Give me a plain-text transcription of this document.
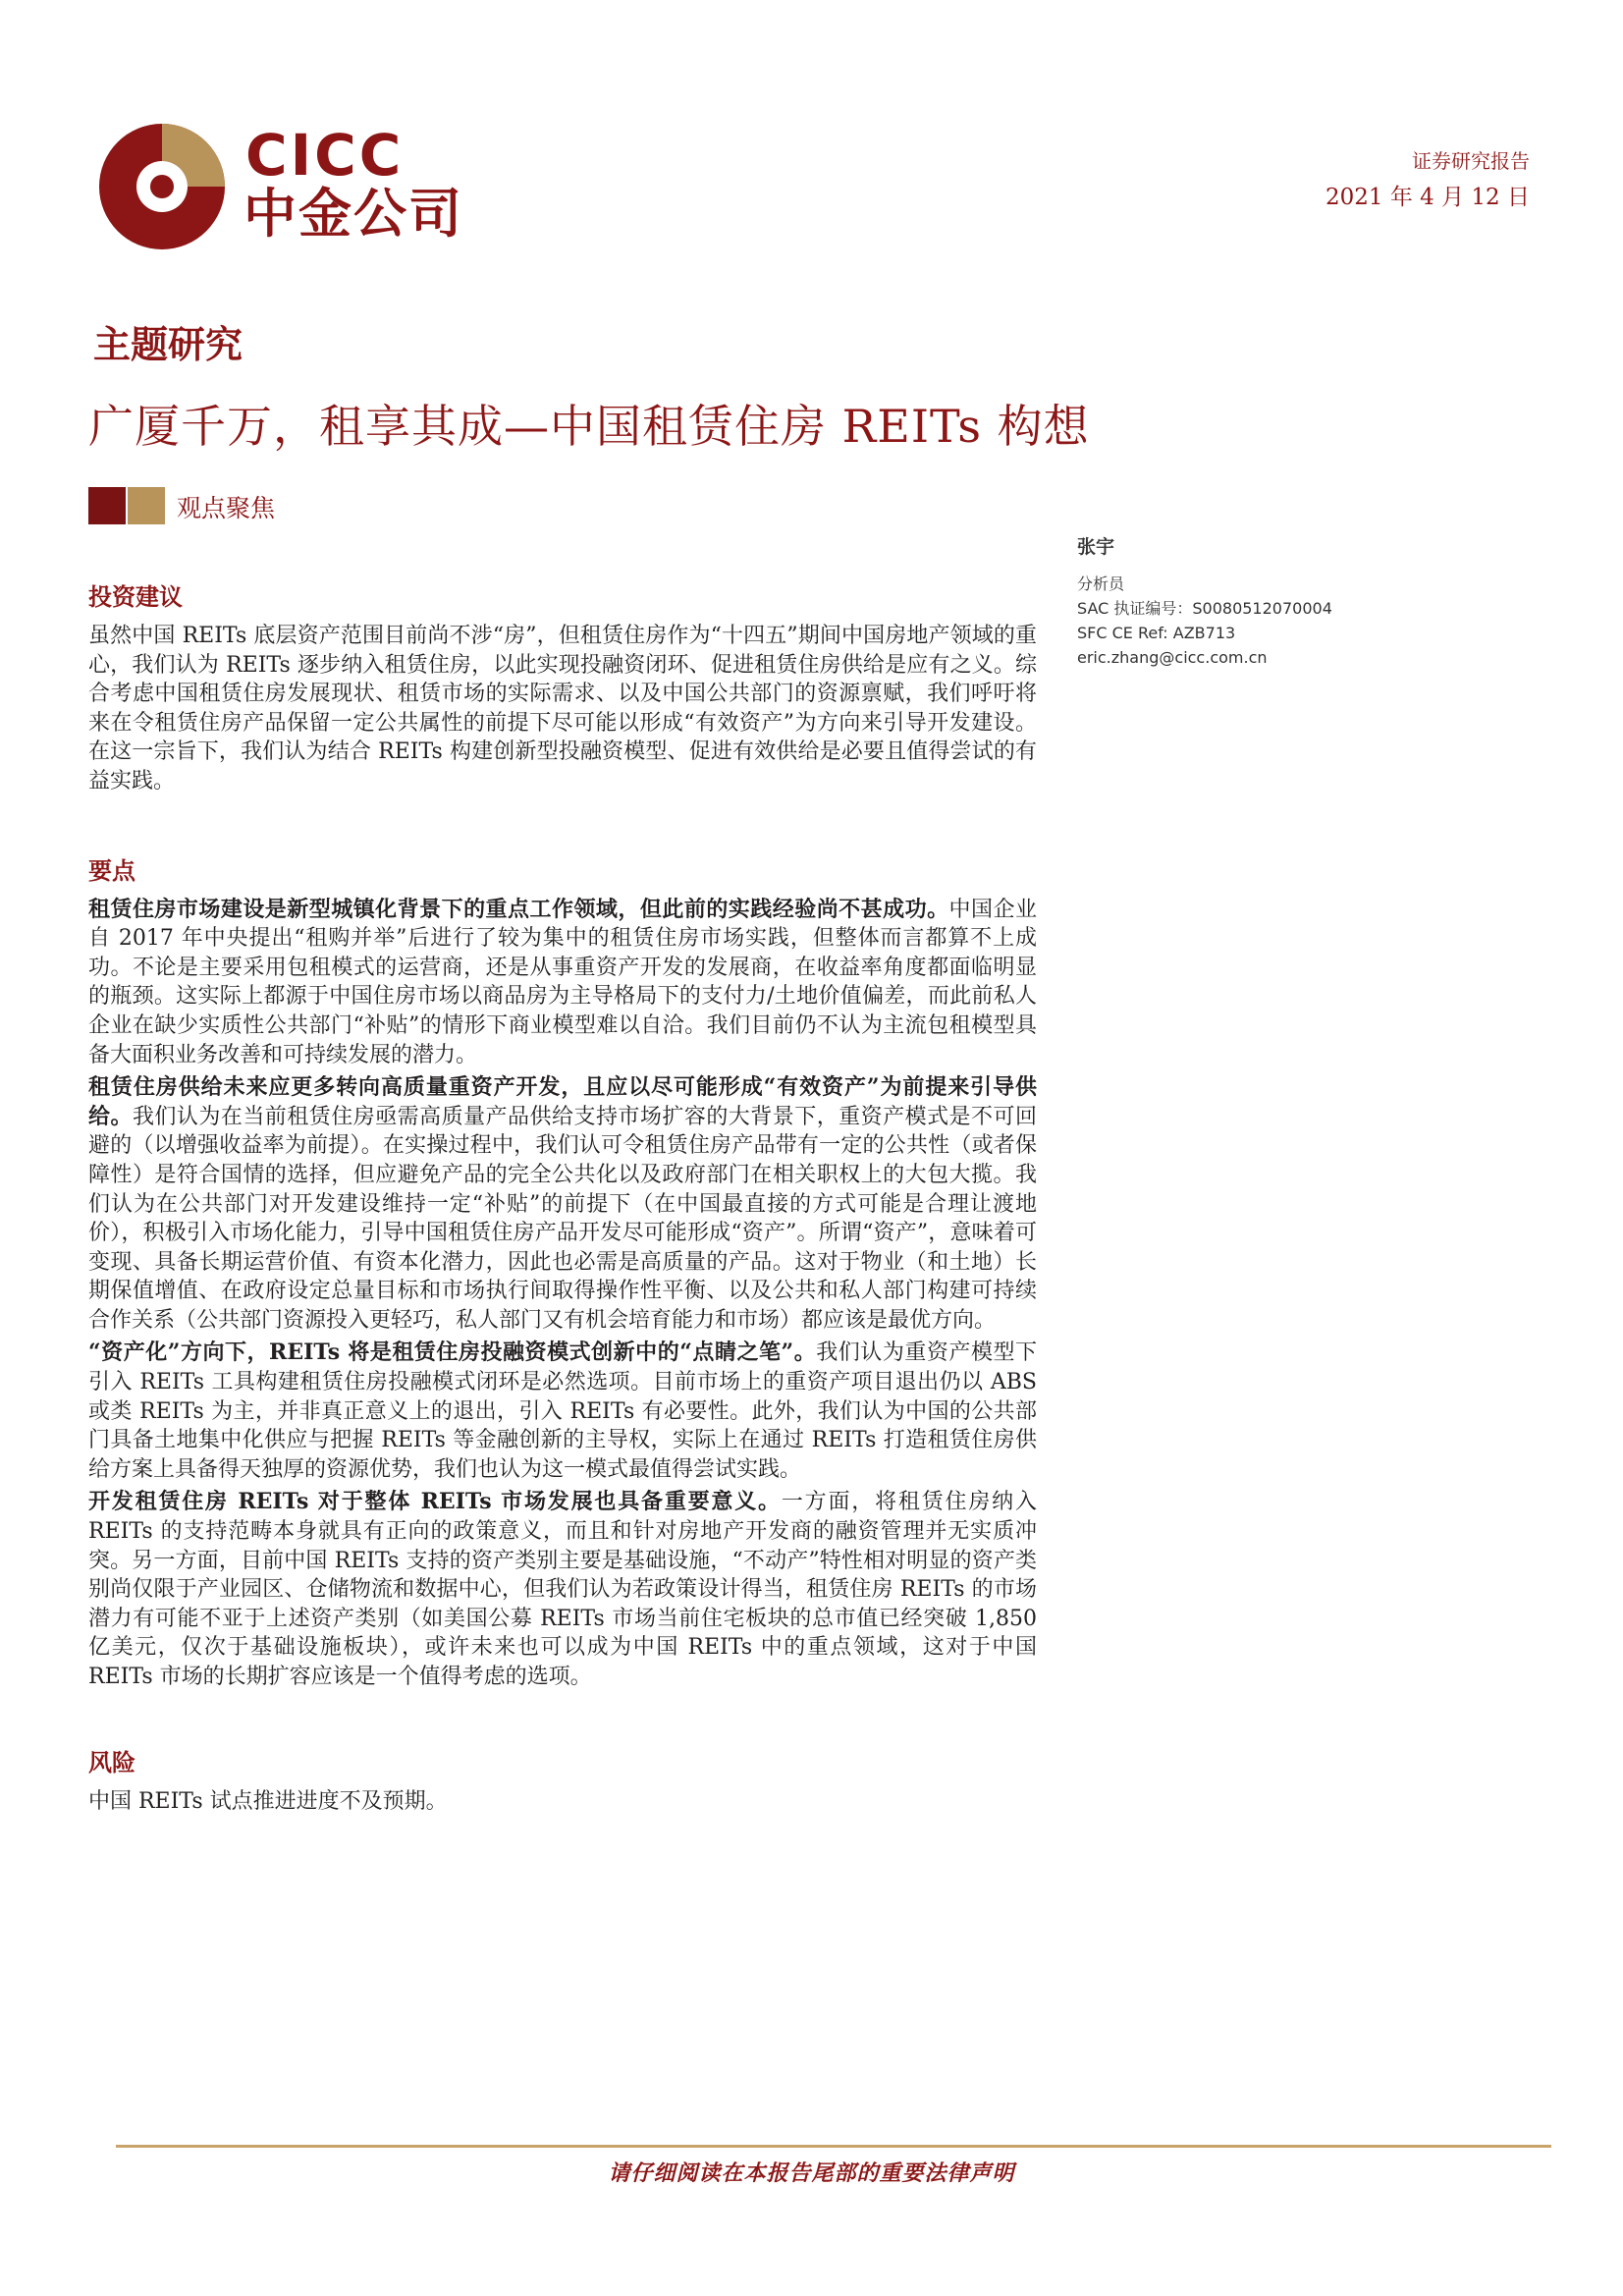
CICC
中金公司
证券研究报告
2021 年 4 月 12 日
主题研究
广厦千万，租享其成—中国租赁住房 REITs 构想
观点聚焦
张宇
分析员
SAC 执证编号：S0080512070004
SFC CE Ref: AZB713
eric.zhang@cicc.com.cn
投资建议

虽然中国 REITs 底层资产范围目前尚不涉“房”，但租赁住房作为“十四五”期间中国房地产领域的重心，我们认为 REITs 逐步纳入租赁住房，以此实现投融资闭环、促进租赁住房供给是应有之义。综合考虑中国租赁住房发展现状、租赁市场的实际需求、以及中国公共部门的资源禀赋，我们呼吁将来在令租赁住房产品保留一定公共属性的前提下尽可能以形成“有效资产”为方向来引导开发建设。在这一宗旨下，我们认为结合 REITs 构建创新型投融资模型、促进有效供给是必要且值得尝试的有益实践。

要点

租赁住房市场建设是新型城镇化背景下的重点工作领域，但此前的实践经验尚不甚成功。中国企业自 2017 年中央提出“租购并举”后进行了较为集中的租赁住房市场实践，但整体而言都算不上成功。不论是主要采用包租模式的运营商，还是从事重资产开发的发展商，在收益率角度都面临明显的瓶颈。这实际上都源于中国住房市场以商品房为主导格局下的支付力/土地价值偏差，而此前私人企业在缺少实质性公共部门“补贴”的情形下商业模型难以自洽。我们目前仍不认为主流包租模型具备大面积业务改善和可持续发展的潜力。

租赁住房供给未来应更多转向高质量重资产开发，且应以尽可能形成“有效资产”为前提来引导供给。我们认为在当前租赁住房亟需高质量产品供给支持市场扩容的大背景下，重资产模式是不可回避的（以增强收益率为前提）。在实操过程中，我们认可令租赁住房产品带有一定的公共性（或者保障性）是符合国情的选择，但应避免产品的完全公共化以及政府部门在相关职权上的大包大揽。我们认为在公共部门对开发建设维持一定“补贴”的前提下（在中国最直接的方式可能是合理让渡地价），积极引入市场化能力，引导中国租赁住房产品开发尽可能形成“资产”。所谓“资产”，意味着可变现、具备长期运营价值、有资本化潜力，因此也必需是高质量的产品。这对于物业（和土地）长期保值增值、在政府设定总量目标和市场执行间取得操作性平衡、以及公共和私人部门构建可持续合作关系（公共部门资源投入更轻巧，私人部门又有机会培育能力和市场）都应该是最优方向。

“资产化”方向下，REITs 将是租赁住房投融资模式创新中的“点睛之笔”。我们认为重资产模型下引入 REITs 工具构建租赁住房投融模式闭环是必然选项。目前市场上的重资产项目退出仍以 ABS 或类 REITs 为主，并非真正意义上的退出，引入 REITs 有必要性。此外，我们认为中国的公共部门具备土地集中化供应与把握 REITs 等金融创新的主导权，实际上在通过 REITs 打造租赁住房供给方案上具备得天独厚的资源优势，我们也认为这一模式最值得尝试实践。

开发租赁住房 REITs 对于整体 REITs 市场发展也具备重要意义。一方面，将租赁住房纳入 REITs 的支持范畴本身就具有正向的政策意义，而且和针对房地产开发商的融资管理并无实质冲突。另一方面，目前中国 REITs 支持的资产类别主要是基础设施，“不动产”特性相对明显的资产类别尚仅限于产业园区、仓储物流和数据中心，但我们认为若政策设计得当，租赁住房 REITs 的市场潜力有可能不亚于上述资产类别（如美国公募 REITs 市场当前住宅板块的总市值已经突破 1,850 亿美元，仅次于基础设施板块），或许未来也可以成为中国 REITs 中的重点领域，这对于中国 REITs 市场的长期扩容应该是一个值得考虑的选项。

风险

中国 REITs 试点推进进度不及预期。

请仔细阅读在本报告尾部的重要法律声明
